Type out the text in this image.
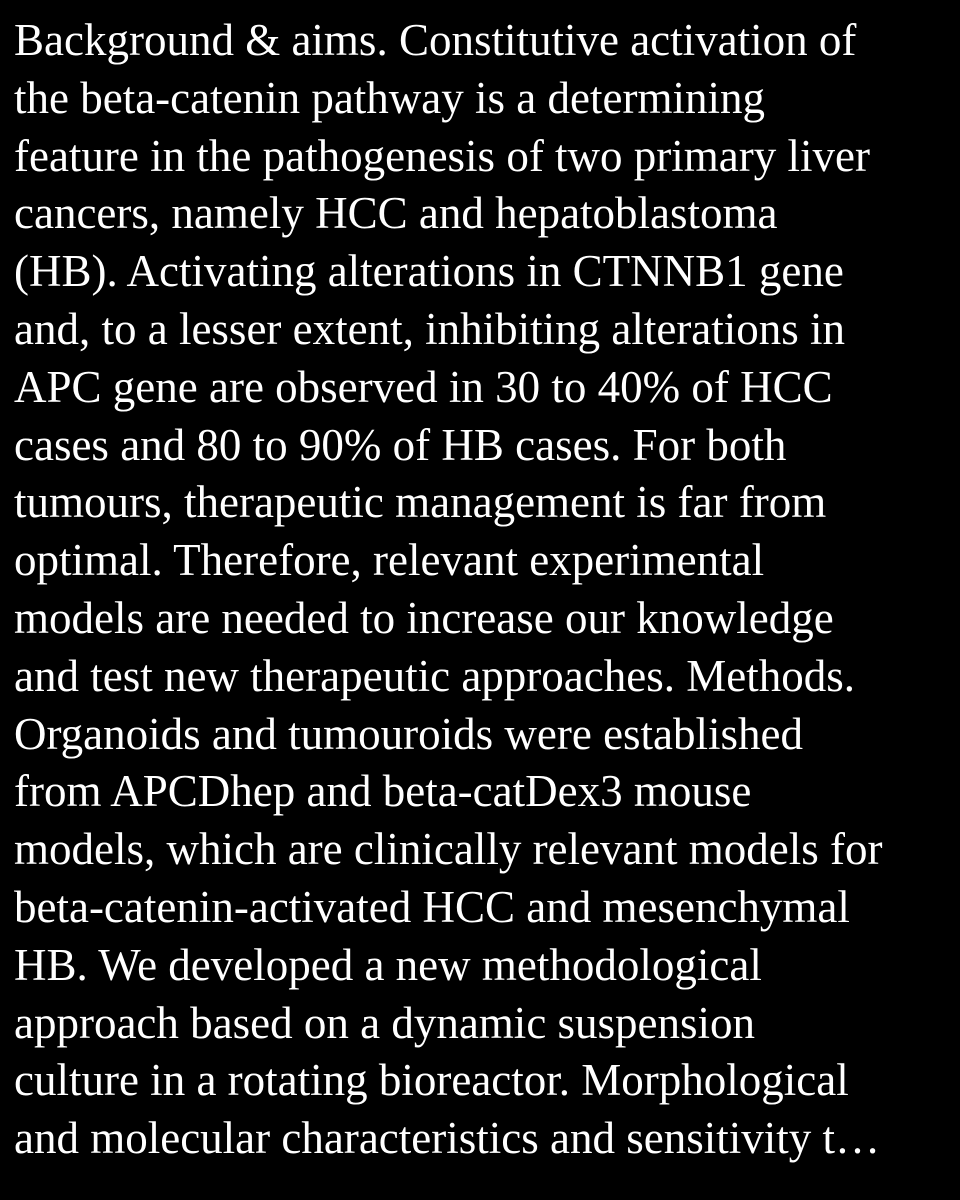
Background & aims. Constitutive activation of
the beta-catenin pathway is a determining
feature in the pathogenesis of two primary liver
cancers, namely HCC and hepatoblastoma
(HB). Activating alterations in CTNNB1 gene
and, to a lesser extent, inhibiting alterations in
APC gene are observed in 30 to 40% of HCC
cases and 80 to 90% of HB cases. For both
tumours, therapeutic management is far from
optimal. Therefore, relevant experimental
models are needed to increase our knowledge
and test new therapeutic approaches. Methods.
Organoids and tumouroids were established
from APCDhep and beta-catDex3 mouse
models, which are clinically relevant models for
beta-catenin-activated HCC and mesenchymal
HB. We developed a new methodological
approach based on a dynamic suspension
culture in a rotating bioreactor. Morphological
and molecular characteristics and sensitivity t…
